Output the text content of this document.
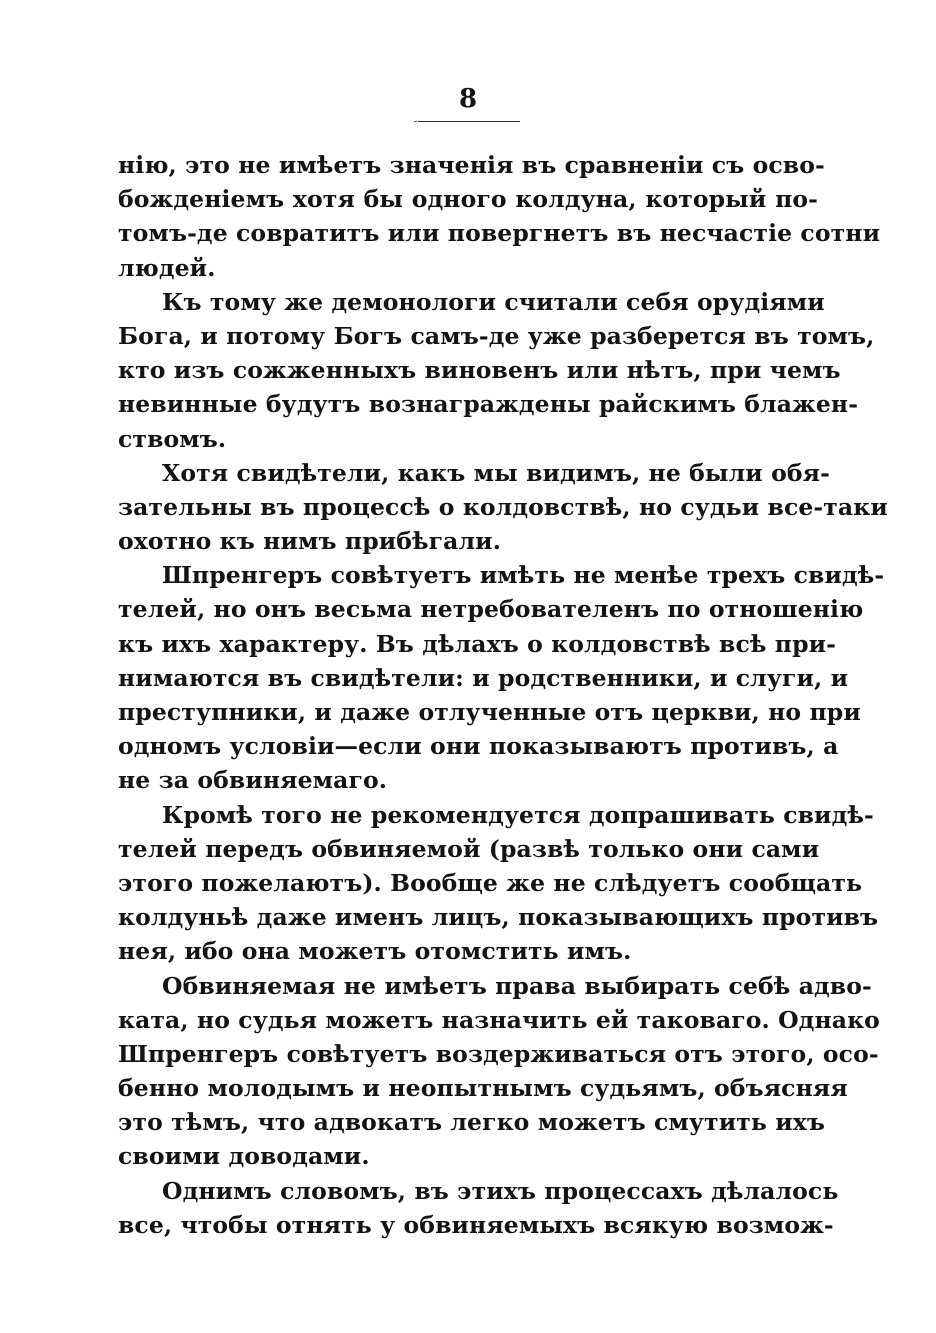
8
нію, это не имѣетъ значенія въ сравненіи съ осво-
божденіемъ хотя бы одного колдуна, который по-
томъ-де совратитъ или повергнетъ въ несчастіе сотни
людей.
Къ тому же демонологи считали себя орудіями
Бога, и потому Богъ самъ-де уже разберется въ томъ,
кто изъ сожженныхъ виновенъ или нѣтъ, при чемъ
невинные будутъ вознаграждены райскимъ блажен-
ствомъ.
Хотя свидѣтели, какъ мы видимъ, не были обя-
зательны въ процессѣ о колдовствѣ, но судьи все-таки
охотно къ нимъ прибѣгали.
Шпренгеръ совѣтуетъ имѣть не менѣе трехъ свидѣ-
телей, но онъ весьма нетребователенъ по отношенію
къ ихъ характеру. Въ дѣлахъ о колдовствѣ всѣ при-
нимаются въ свидѣтели: и родственники, и слуги, и
преступники, и даже отлученные отъ церкви, но при
одномъ условіи—если они показываютъ противъ, а
не за обвиняемаго.
Кромѣ того не рекомендуется допрашивать свидѣ-
телей передъ обвиняемой (развѣ только они сами
этого пожелаютъ). Вообще же не слѣдуетъ сообщать
колдуньѣ даже именъ лицъ, показывающихъ противъ
нея, ибо она можетъ отомстить имъ.
Обвиняемая не имѣетъ права выбирать себѣ адво-
ката, но судья можетъ назначить ей таковаго. Однако
Шпренгеръ совѣтуетъ воздерживаться отъ этого, осо-
бенно молодымъ и неопытнымъ судьямъ, объясняя
это тѣмъ, что адвокатъ легко можетъ смутить ихъ
своими доводами.
Однимъ словомъ, въ этихъ процессахъ дѣлалось
все, чтобы отнять у обвиняемыхъ всякую возмож-
